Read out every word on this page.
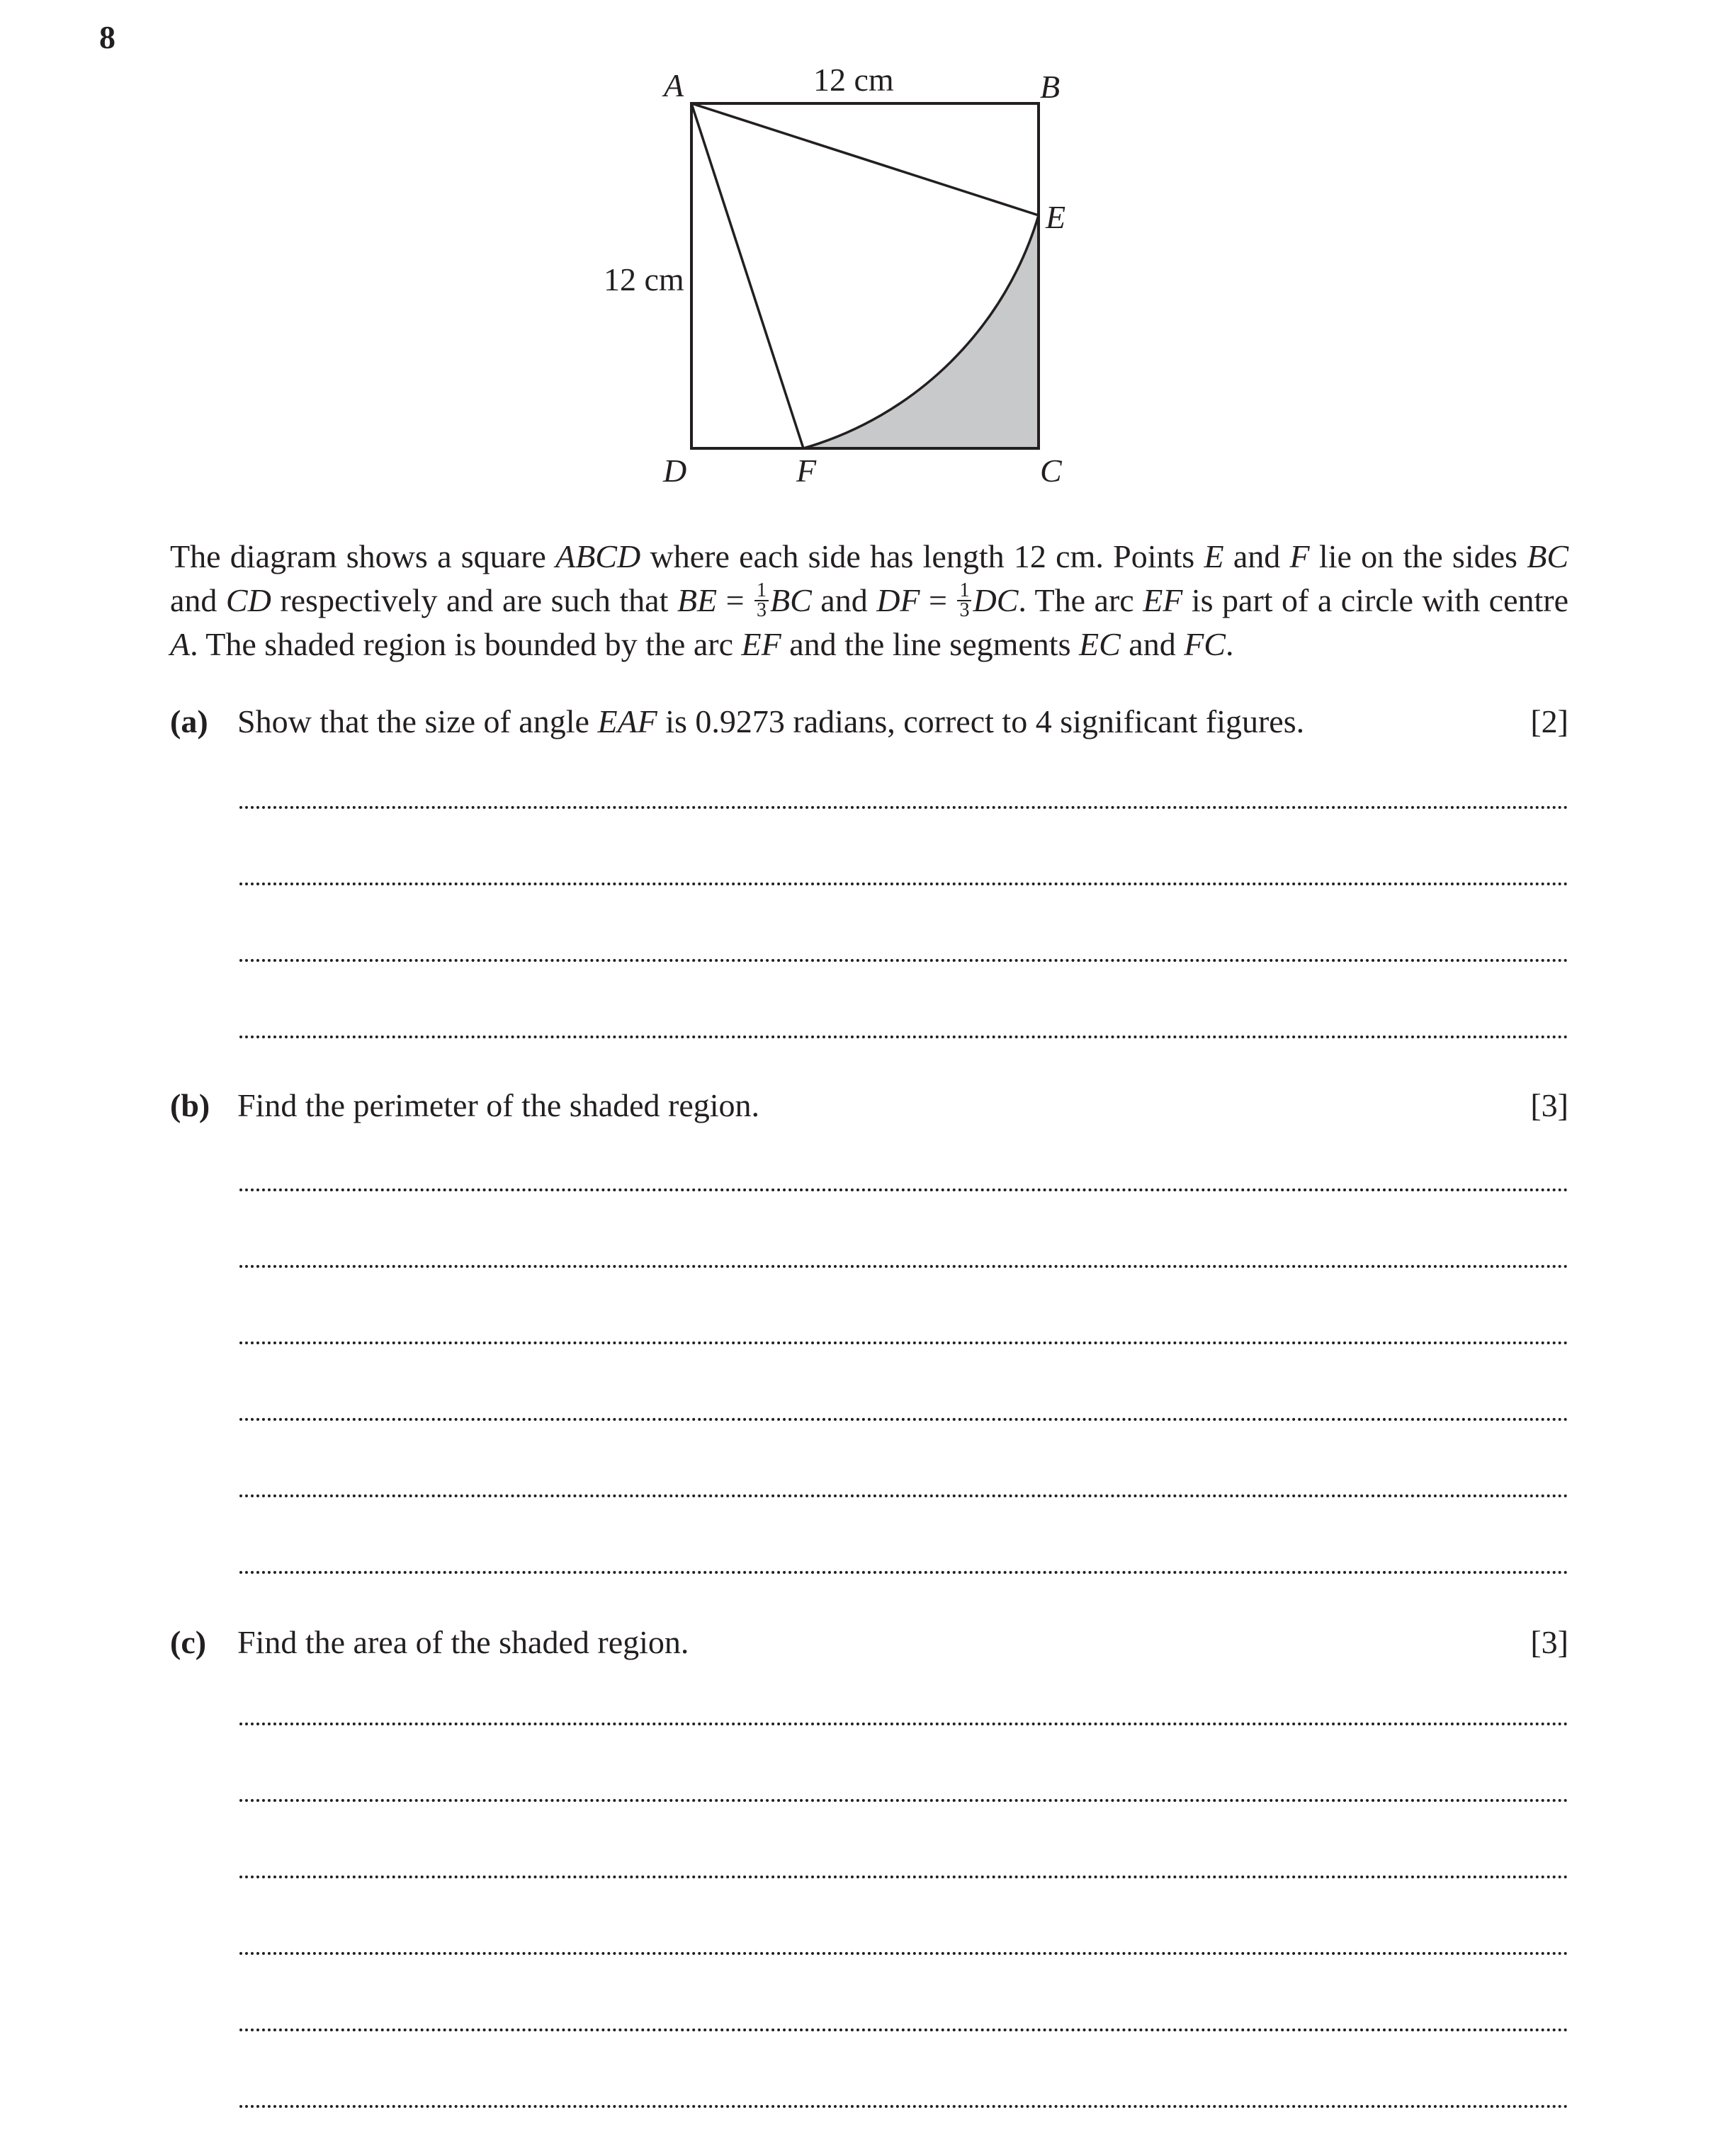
8
A	B
E
D	F	C
12 cm
12 cm

The diagram shows a square ABCD where each side has length 12 cm. Points E and F lie on the sides BC and CD respectively and are such that BE = $\frac{1}{3}$ BC and DF = $\frac{1}{3}$ DC. The arc EF is part of a circle with centre A. The shaded region is bounded by the arc EF and the line segments EC and FC.

(a) Show that the size of angle EAF is 0.9273 radians, correct to 4 significant figures.	[2]
(b) Find the perimeter of the shaded region.	[3]
(c) Find the area of the shaded region.	[3]
